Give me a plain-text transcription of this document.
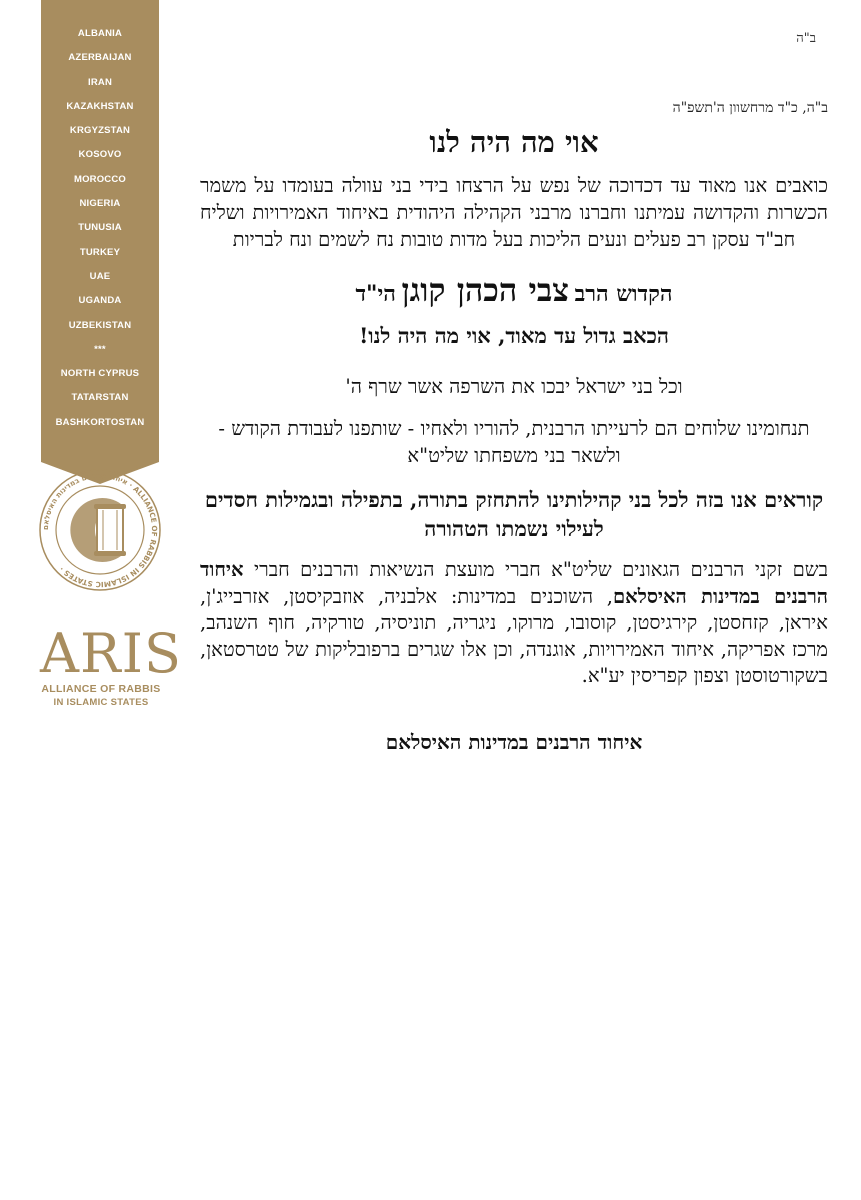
ALBANIA
AZERBAIJAN
IRAN
KAZAKHSTAN
KRGYZSTAN
KOSOVO
MOROCCO
NIGERIA
TUNUSIA
TURKEY
UAE
UGANDA
UZBEKISTAN
***
NORTH CYPRUS
TATARSTAN
BASHKORTOSTAN
איחוד הרבנים במדינות האיסלאם · ALLIANCE OF RABBIS IN ISLAMIC STATES ·
ARIS
ALLIANCE OF RABBIS
IN ISLAMIC STATES
ב"ה
ב"ה, כ"ד מרחשוון ה'תשפ"ה
אוי מה היה לנו

כואבים אנו מאוד עד דכדוכה של נפש על הרצחו בידי בני עוולה בעומדו על משמר הכשרות והקדושה עמיתנו וחברנו מרבני הקהילה היהודית באיחוד האמירויות ושליח חב"ד עסקן רב פעלים ונעים הליכות בעל מדות טובות נח לשמים ונח לבריות

הקדוש הרב צבי הכהן קוגן הי"ד
הכאב גדול עד מאוד, אוי מה היה לנו!

וכל בני ישראל יבכו את השרפה אשר שרף ה'

תנחומינו שלוחים הם לרעייתו הרבנית, להוריו ולאחיו - שותפנו לעבודת הקודש - ולשאר בני משפחתו שליט"א

קוראים אנו בזה לכל בני קהילותינו להתחזק בתורה, בתפילה ובגמילות חסדים לעילוי נשמתו הטהורה

בשם זקני הרבנים הגאונים שליט"א חברי מועצת הנשיאות והרבנים חברי איחוד הרבנים במדינות האיסלאם, השוכנים במדינות: אלבניה, אוזבקיסטן, אזרבייג'ן, איראן, קזחסטן, קירגיסטן, קוסובו, מרוקו, ניגריה, תוניסיה, טורקיה, חוף השנהב, מרכז אפריקה, איחוד האמירויות, אוגנדה, וכן אלו שגרים ברפובליקות של טטרסטאן, בשקורטוסטן וצפון קפריסין יע"א.

איחוד הרבנים במדינות האיסלאם
